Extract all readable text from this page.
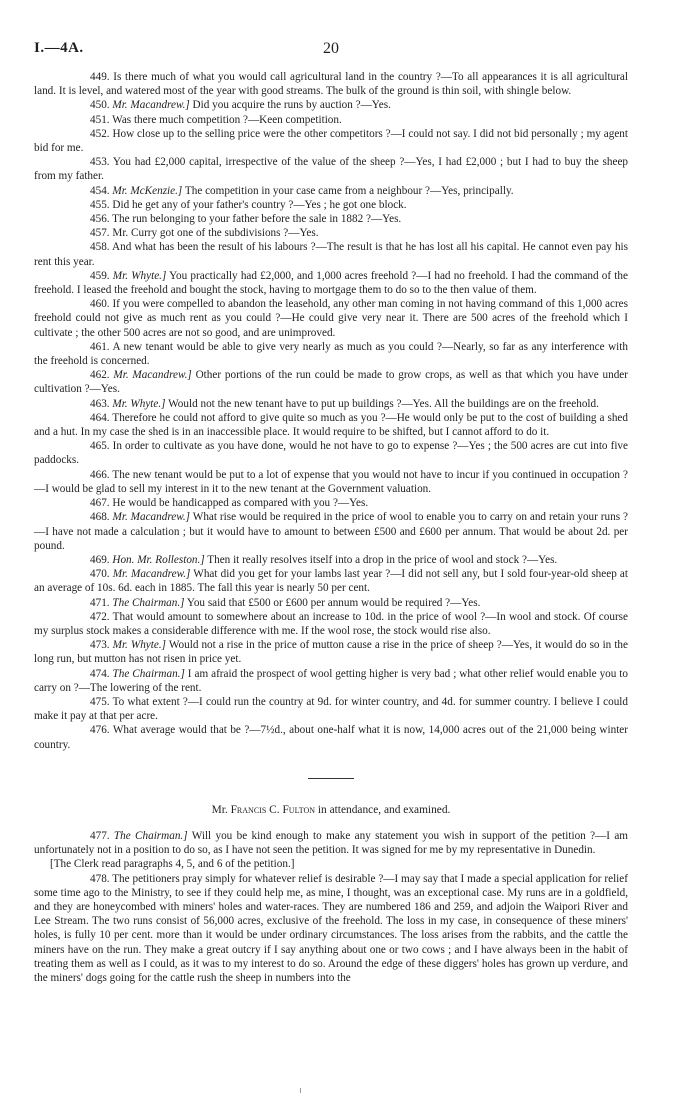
I.—4A.	20

449. Is there much of what you would call agricultural land in the country ?—To all appearances it is all agricultural land. It is level, and watered most of the year with good streams. The bulk of the ground is thin soil, with shingle below.

450. Mr. Macandrew.] Did you acquire the runs by auction ?—Yes.

451. Was there much competition ?—Keen competition.

452. How close up to the selling price were the other competitors ?—I could not say. I did not bid personally ; my agent bid for me.

453. You had £2,000 capital, irrespective of the value of the sheep ?—Yes, I had £2,000 ; but I had to buy the sheep from my father.

454. Mr. McKenzie.] The competition in your case came from a neighbour ?—Yes, principally.

455. Did he get any of your father's country ?—Yes ; he got one block.

456. The run belonging to your father before the sale in 1882 ?—Yes.

457. Mr. Curry got one of the subdivisions ?—Yes.

458. And what has been the result of his labours ?—The result is that he has lost all his capital. He cannot even pay his rent this year.

459. Mr. Whyte.] You practically had £2,000, and 1,000 acres freehold ?—I had no freehold. I had the command of the freehold. I leased the freehold and bought the stock, having to mortgage them to do so to the then value of them.

460. If you were compelled to abandon the leasehold, any other man coming in not having command of this 1,000 acres freehold could not give as much rent as you could ?—He could give very near it. There are 500 acres of the freehold which I cultivate ; the other 500 acres are not so good, and are unimproved.

461. A new tenant would be able to give very nearly as much as you could ?—Nearly, so far as any interference with the freehold is concerned.

462. Mr. Macandrew.] Other portions of the run could be made to grow crops, as well as that which you have under cultivation ?—Yes.

463. Mr. Whyte.] Would not the new tenant have to put up buildings ?—Yes. All the buildings are on the freehold.

464. Therefore he could not afford to give quite so much as you ?—He would only be put to the cost of building a shed and a hut. In my case the shed is in an inaccessible place. It would require to be shifted, but I cannot afford to do it.

465. In order to cultivate as you have done, would he not have to go to expense ?—Yes ; the 500 acres are cut into five paddocks.

466. The new tenant would be put to a lot of expense that you would not have to incur if you continued in occupation ?—I would be glad to sell my interest in it to the new tenant at the Government valuation.

467. He would be handicapped as compared with you ?—Yes.

468. Mr. Macandrew.] What rise would be required in the price of wool to enable you to carry on and retain your runs ?—I have not made a calculation ; but it would have to amount to between £500 and £600 per annum. That would be about 2d. per pound.

469. Hon. Mr. Rolleston.] Then it really resolves itself into a drop in the price of wool and stock ?—Yes.

470. Mr. Macandrew.] What did you get for your lambs last year ?—I did not sell any, but I sold four-year-old sheep at an average of 10s. 6d. each in 1885. The fall this year is nearly 50 per cent.

471. The Chairman.] You said that £500 or £600 per annum would be required ?—Yes.

472. That would amount to somewhere about an increase to 10d. in the price of wool ?—In wool and stock. Of course my surplus stock makes a considerable difference with me. If the wool rose, the stock would rise also.

473. Mr. Whyte.] Would not a rise in the price of mutton cause a rise in the price of sheep ?—Yes, it would do so in the long run, but mutton has not risen in price yet.

474. The Chairman.] I am afraid the prospect of wool getting higher is very bad ; what other relief would enable you to carry on ?—The lowering of the rent.

475. To what extent ?—I could run the country at 9d. for winter country, and 4d. for summer country. I believe I could make it pay at that per acre.

476. What average would that be ?—7½d., about one-half what it is now, 14,000 acres out of the 21,000 being winter country.

Mr. Francis C. Fulton in attendance, and examined.

477. The Chairman.] Will you be kind enough to make any statement you wish in support of the petition ?—I am unfortunately not in a position to do so, as I have not seen the petition. It was signed for me by my representative in Dunedin.

[The Clerk read paragraphs 4, 5, and 6 of the petition.]

478. The petitioners pray simply for whatever relief is desirable ?—I may say that I made a special application for relief some time ago to the Ministry, to see if they could help me, as mine, I thought, was an exceptional case. My runs are in a goldfield, and they are honeycombed with miners' holes and water-races. They are numbered 186 and 259, and adjoin the Waipori River and Lee Stream. The two runs consist of 56,000 acres, exclusive of the freehold. The loss in my case, in consequence of these miners' holes, is fully 10 per cent. more than it would be under ordinary circumstances. The loss arises from the rabbits, and the cattle the miners have on the run. They make a great outcry if I say anything about one or two cows ; and I have always been in the habit of treating them as well as I could, as it was to my interest to do so. Around the edge of these diggers' holes has grown up verdure, and the miners' dogs going for the cattle rush the sheep in numbers into the
